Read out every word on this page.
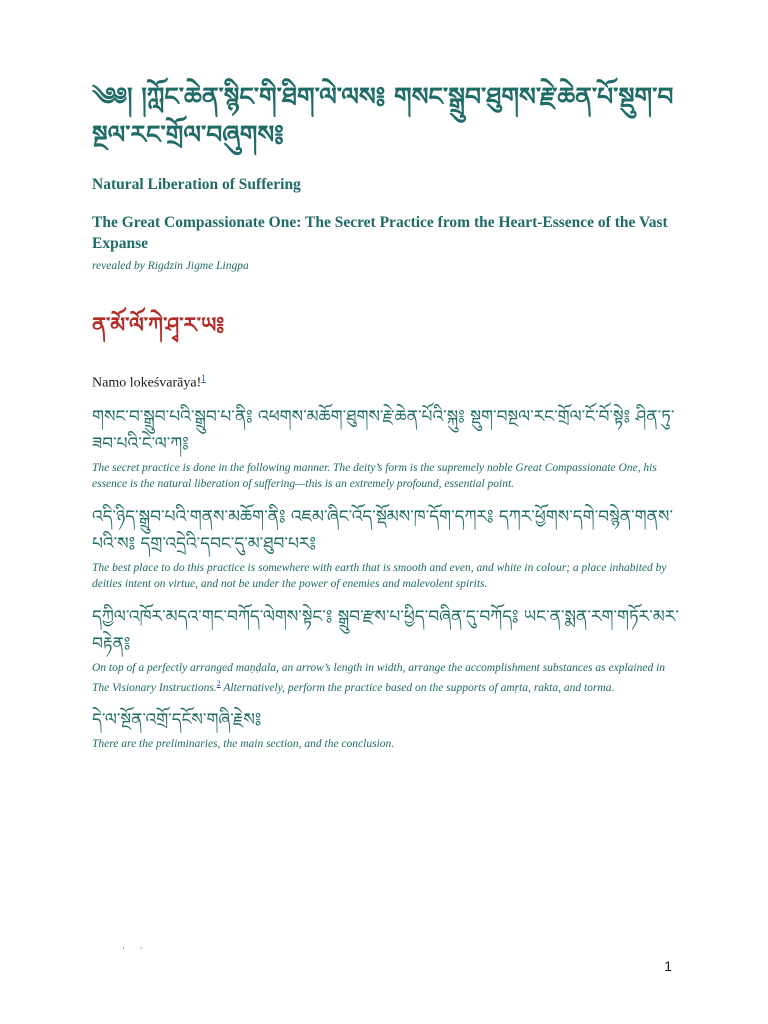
༄༅། །ཀློང་ཆེན་སྙིང་གི་ཐིག་ལེ་ལས༔ གསང་སྒྲུབ་ཐུགས་རྗེ་ཆེན་པོ་སྡུག་བསྔལ་རང་གྲོལ་བཞུགས༔
Natural Liberation of Suffering
The Great Compassionate One: The Secret Practice from the Heart-Essence of the Vast Expanse

revealed by Rigdzin Jigme Lingpa

ན་མོ་ལོ་ཀེ་ཤྭ་ར་ཡ༔

Namo lokeśvarāya!$^1$

གསང་བ་སྒྲུབ་པའི་སྒྲུབ་པ་ནི༔ འཕགས་མཆོག་ཐུགས་རྗེ་ཆེན་པོའི་སྐུ༔ སྡུག་བསྔལ་རང་གྲོལ་ངོ་བོ་སྟེ༔ ཤིན་ཏུ་ཟབ་པའི་ངེ་ལ་ཀ༔

The secret practice is done in the following manner. The deity’s form is the supremely noble Great Compassionate One, his essence is the natural liberation of suffering—this is an extremely profound, essential point.

འདི་ཉིད་སྒྲུབ་པའི་གནས་མཆོག་ནི༔ འཇམ་ཞིང་འོད་སྡོམས་ཁ་དོག་དཀར༔ དཀར་ཕྱོགས་དགེ་བསྙེན་གནས་པའི་ས༔ དགྲ་འདྲེའི་དབང་དུ་མ་ཐུབ་པར༔

The best place to do this practice is somewhere with earth that is smooth and even, and white in colour; a place inhabited by deities intent on virtue, and not be under the power of enemies and malevolent spirits.

དཀྱིལ་འཁོར་མདའ་གང་བཀོད་ལེགས་སྟེང་༔ སྒྲུབ་རྫས་པ་ཕྱིད་བཞིན་དུ་བཀོད༔ ཡང་ན་སྨན་རག་གཏོར་མར་བརྟེན༔

On top of a perfectly arranged maṇḍala, an arrow’s length in width, arrange the accomplishment substances as explained in The Visionary Instructions.$^2$ Alternatively, perform the practice based on the supports of amṛta, rakta, and torma.

དེ་ལ་སྔོན་འགྲོ་དངོས་གཞི་རྗེས༔

There are the preliminaries, the main section, and the conclusion.

· ·
1
